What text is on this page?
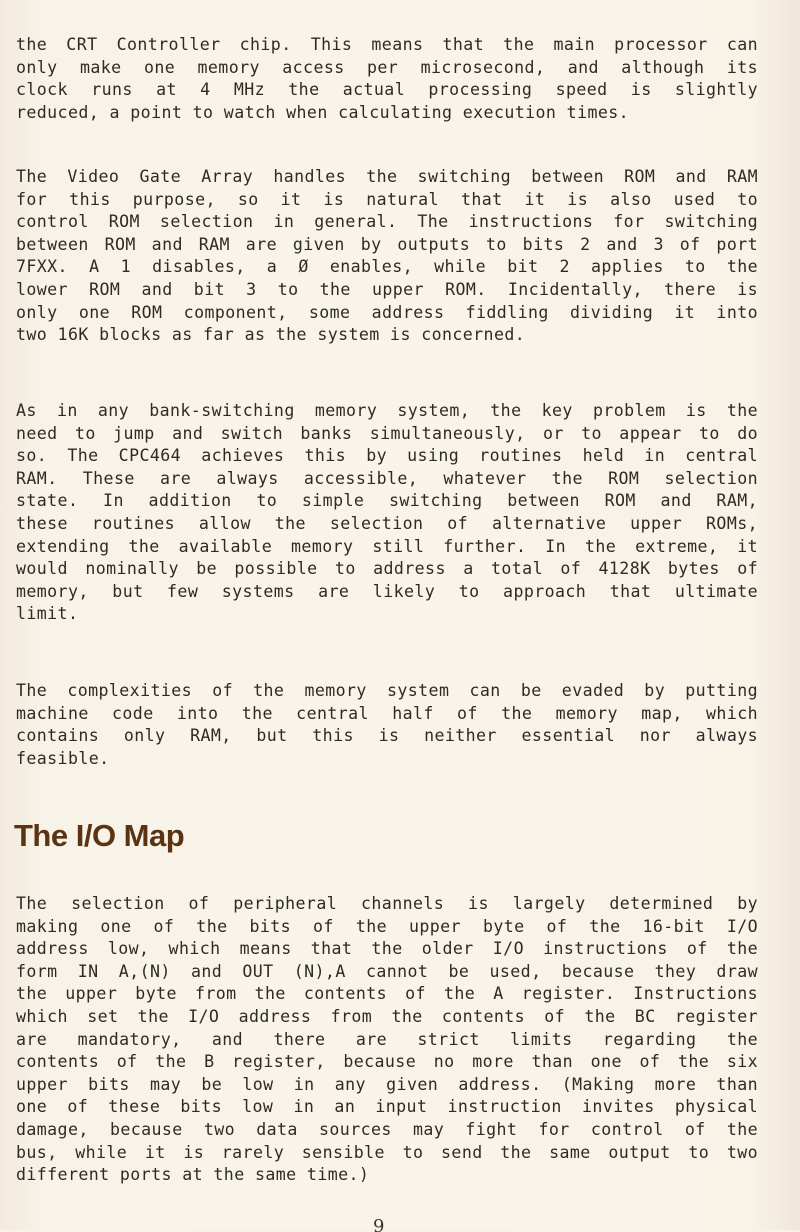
the CRT Controller chip. This means that the main processor can
only make one memory access per microsecond, and although its
clock runs at 4 MHz the actual processing speed is slightly
reduced, a point to watch when calculating execution times.
The Video Gate Array handles the switching between ROM and RAM
for this purpose, so it is natural that it is also used to
control ROM selection in general. The instructions for switching
between ROM and RAM are given by outputs to bits 2 and 3 of port
7FXX. A 1 disables, a Ø enables, while bit 2 applies to the
lower ROM and bit 3 to the upper ROM. Incidentally, there is
only one ROM component, some address fiddling dividing it into
two 16K blocks as far as the system is concerned.
As in any bank-switching memory system, the key problem is the
need to jump and switch banks simultaneously, or to appear to do
so. The CPC464 achieves this by using routines held in central
RAM. These are always accessible, whatever the ROM selection
state. In addition to simple switching between ROM and RAM,
these routines allow the selection of alternative upper ROMs,
extending the available memory still further. In the extreme, it
would nominally be possible to address a total of 4128K bytes of
memory, but few systems are likely to approach that ultimate
limit.
The complexities of the memory system can be evaded by putting
machine code into the central half of the memory map, which
contains only RAM, but this is neither essential nor always
feasible.
The I/O Map
The selection of peripheral channels is largely determined by
making one of the bits of the upper byte of the 16-bit I/O
address low, which means that the older I/O instructions of the
form IN A,(N) and OUT (N),A cannot be used, because they draw
the upper byte from the contents of the A register. Instructions
which set the I/O address from the contents of the BC register
are mandatory, and there are strict limits regarding the
contents of the B register, because no more than one of the six
upper bits may be low in any given address. (Making more than
one of these bits low in an input instruction invites physical
damage, because two data sources may fight for control of the
bus, while it is rarely sensible to send the same output to two
different ports at the same time.)
9
